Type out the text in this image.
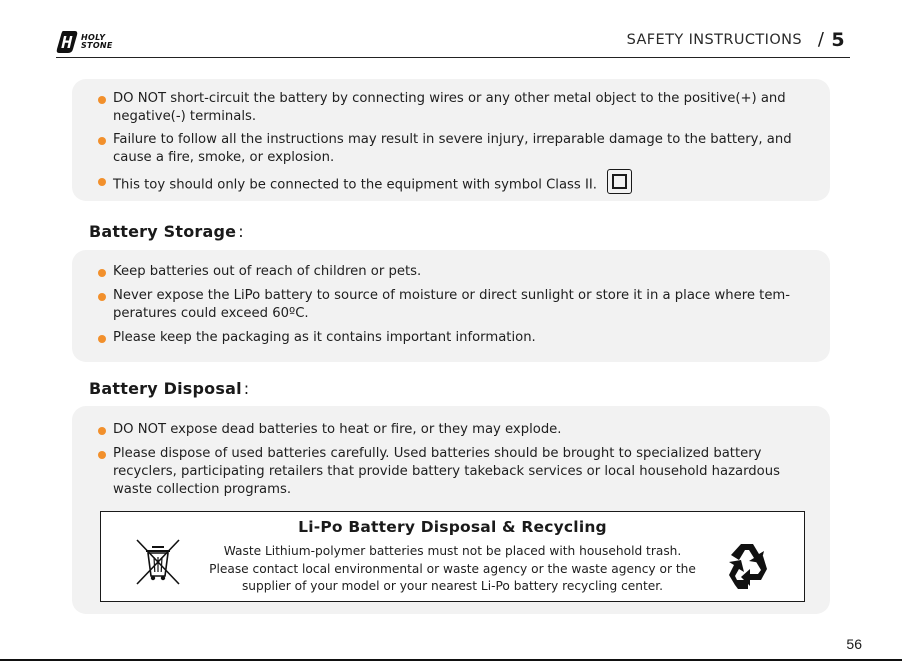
HOLY
STONE	SAFETY INSTRUCTIONS / 5
DO NOT short-circuit the battery by connecting wires or any other metal object to the positive(+) and negative(-) terminals.
Failure to follow all the instructions may result in severe injury, irreparable damage to the battery, and cause a fire, smoke, or explosion.
This toy should only be connected to the equipment with symbol Class II.
Battery Storage :
Keep batteries out of reach of children or pets.
Never expose the LiPo battery to source of moisture or direct sunlight or store it in a place where tem-peratures could exceed 60ºC.
Please keep the packaging as it contains important information.
Battery Disposal :
DO NOT expose dead batteries to heat or fire, or they may explode.
Please dispose of used batteries carefully. Used batteries should be brought to specialized battery recyclers, participating retailers that provide battery takeback services or local household hazardous waste collection programs.
Li-Po Battery Disposal & Recycling
Waste Lithium-polymer batteries must not be placed with household trash.
Please contact local environmental or waste agency or the waste agency or the
supplier of your model or your nearest Li-Po battery recycling center.
56
